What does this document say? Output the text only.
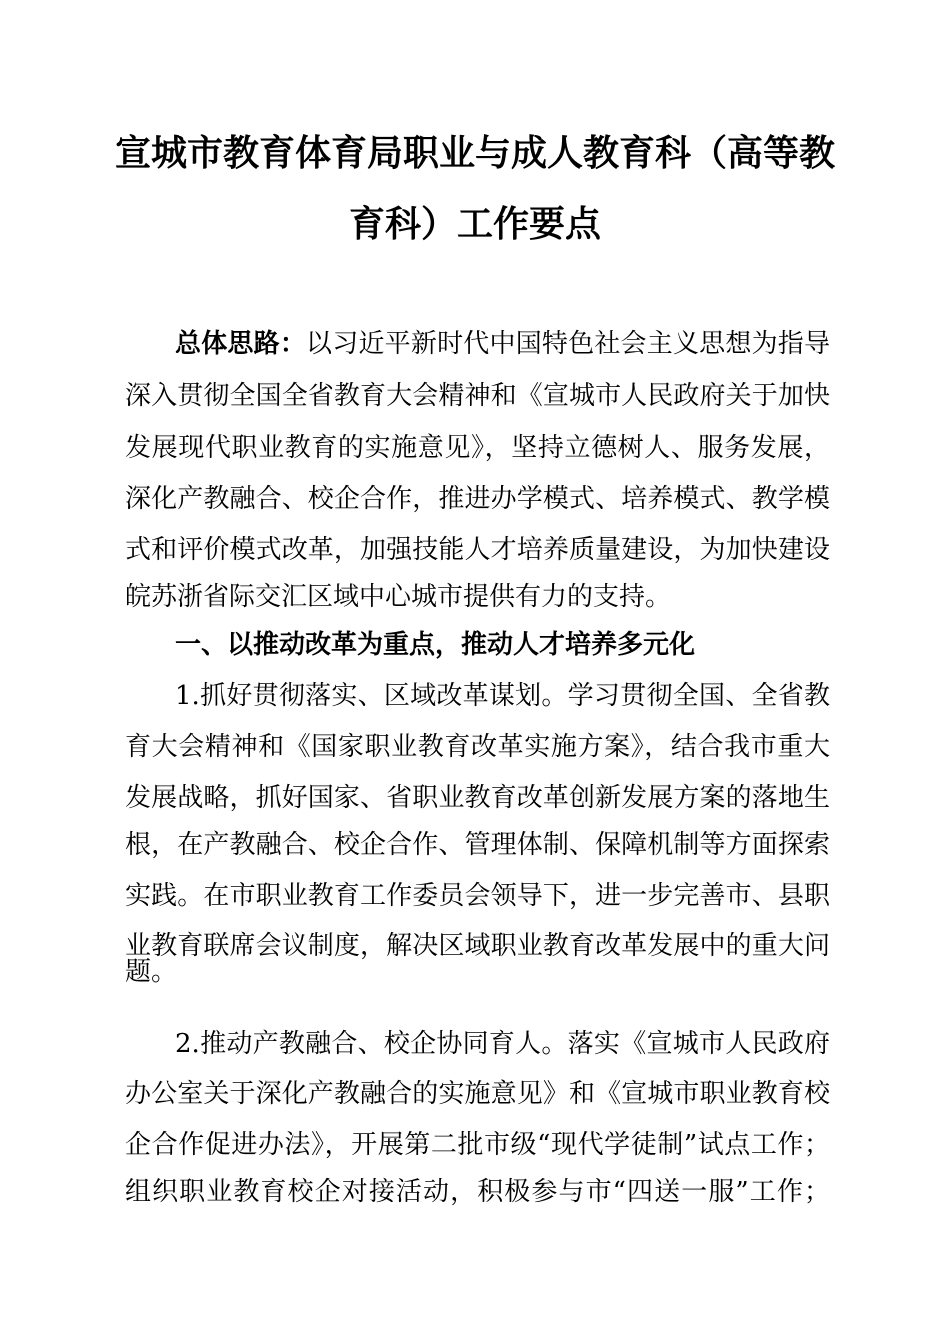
宣城市教育体育局职业与成人教育科（高等教
育科）工作要点
总体思路：以习近平新时代中国特色社会主义思想为指导
深入贯彻全国全省教育大会精神和《宣城市人民政府关于加快
发展现代职业教育的实施意见》，坚持立德树人、服务发展，
深化产教融合、校企合作，推进办学模式、培养模式、教学模
式和评价模式改革，加强技能人才培养质量建设，为加快建设
皖苏浙省际交汇区域中心城市提供有力的支持。
一、以推动改革为重点，推动人才培养多元化
1.抓好贯彻落实、区域改革谋划。学习贯彻全国、全省教
育大会精神和《国家职业教育改革实施方案》，结合我市重大
发展战略，抓好国家、省职业教育改革创新发展方案的落地生
根，在产教融合、校企合作、管理体制、保障机制等方面探索
实践。在市职业教育工作委员会领导下，进一步完善市、县职
业教育联席会议制度，解决区域职业教育改革发展中的重大问
题。
2.推动产教融合、校企协同育人。落实《宣城市人民政府
办公室关于深化产教融合的实施意见》和《宣城市职业教育校
企合作促进办法》，开展第二批市级“现代学徒制”试点工作；
组织职业教育校企对接活动，积极参与市“四送一服”工作；
